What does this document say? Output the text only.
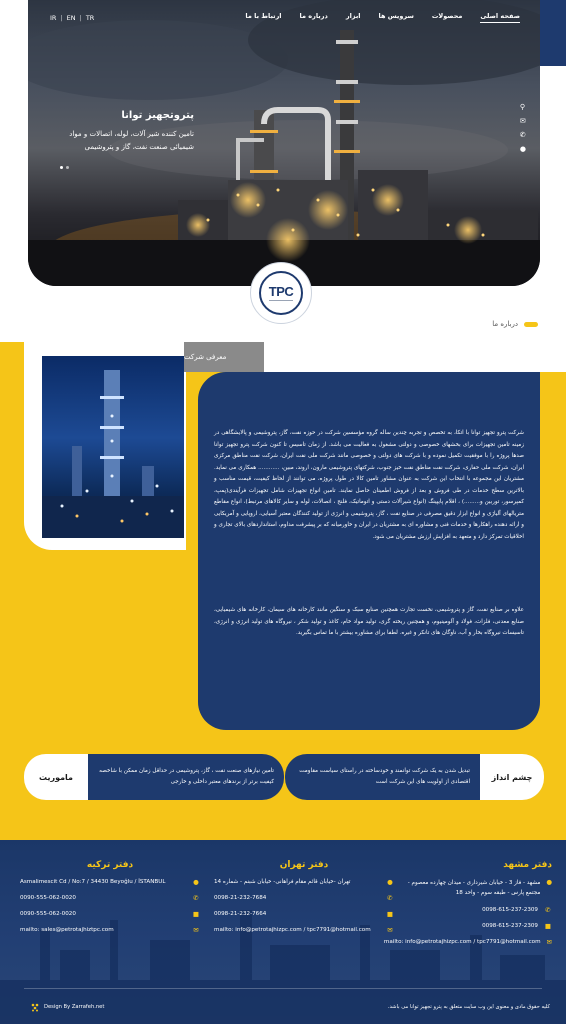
IR | EN | TR	صفحه اصلی
محصولات
سرویس ها
ابزار
درباره ما
ارتباط با ما
پتروتجهیز توانا
تامین کننده شیر آلات، لوله، اتصالات و مواد شیمیائی صنعت نفت، گاز و پتروشیمی
⚲
✉
✆
●
TPC
درباره ما
معرفی شرکت

شرکت پترو تجهیز توانا با اتکا، به تخصص و تجربه چندین ساله گروه مؤسسین شرکت در حوزه نفت، گاز، پتروشیمی و پالایشگاهی در زمینه تامین تجهیزات برای بخشهای خصوصی و دولتی مشغول به فعالیت می باشد. از زمان تاسیس تا کنون شرکت پترو تجهیز توانا صدها پروژه را با موفقیت تکمیل نموده و با شرکت های دولتی و خصوصی مانند شرکت ملی نفت ایران، شرکت نفت مناطق مرکزی ایران، شرکت ملی حفاری، شرکت نفت مناطق نفت خیز جنوب، شرکتهای پتروشیمی مارون، اروند، مبین، ............ همکاری می نماید. مشتریان این مجموعه با انتخاب این شرکت به عنوان مشاور تامین کالا در طول پروژه، می توانند از لحاظ کیفیت، قیمت مناسب و بالاترین سطح خدمات در طی فروش و بعد از فروش اطمینان حاصل نمایند. تامین انواع تجهیزات شامل تجهیزات فرآیندی‌(پمپ، کمپرسور، توربین و.........) ، اقلام پایپینگ (انواع شیرآلات دستی و اتوماتیک، فلنج ، اتصالات، لوله و سایر کالاهای مرتبط)، انواع مقاطع متریالهای آلیاژی و انواع ابزار دقیق مصرفی در صنایع نفت ، گاز، پتروشیمی و انرژی از تولید کنندگان معتبر آسیایی، اروپایی و آمریکایی و ارائه دهنده راهکارها و خدمات فنی و مشاوره ای به مشتریان در ایران و خاورمیانه که بر پیشرفت مداوم، استانداردهای بالای تجاری و اخلاقیات تمرکز دارد و متعهد به افزایش ارزش مشتریان می شود.

علاوه بر صنایع نفت، گاز و پتروشیمی، نخست تجارت همچنین صنایع سبک و سنگین مانند کارخانه های سیمان، کارخانه های شیمیایی، صنایع معدنی، فلزات، فولاد و آلومینیوم، و همچنین ریخته گری، تولید مواد خام، کاغذ و تولید شکر ، نیروگاه های تولید انرژی و انرژی، تاسیسات نیروگاه بخار و آب، ناوگان های تانکر و غیره. لطفا برای مشاوره بیشتر با ما تماس بگیرید.

تبدیل شدن به یک شرکت توانمند و خودساخته در راستای سیاست مقاومت اقتصادی از اولویت های این شرکت است
چشم انداز
ماموریت
تامین نیازهای صنعت نفت ، گاز، پتروشیمی در حداقل زمان ممکن با شاخصه کیفیت برتر از برندهای معتبر داخلی و خارجی
دفتر مشهد
●
مشهد - فاز 3 - خیابان شیرداری - میدان چهارده معصوم - مجتمع پارس - طبقه سوم - واحد 18
✆
0098-615-237-2309
■
0098-615-237-2309
✉
mailto: info@petrotajhizpc.com / tpc7791@hotmail.com
دفتر تهران
تهران -خیابان قائم مقام فراهانی- خیابان شبنم - شماره 14	●
0098-21-232-7684	✆
0098-21-232-7664	■
mailto: info@petrotajhizpc.com / tpc7791@hotmail.com	✉
دفتر ترکیه
Asmalimescit Cd / No:7 / 34430 Beyoğlu / İSTANBUL	●
0090-555-062-0020	✆
0090-555-062-0020	■
mailto: sales@petrotajhiztpc.com	✉
کلیه حقوق مادی و معنوی این وب سایت متعلق به پترو تجهیز توانا می باشد.
Design By Zarrafeh.net
